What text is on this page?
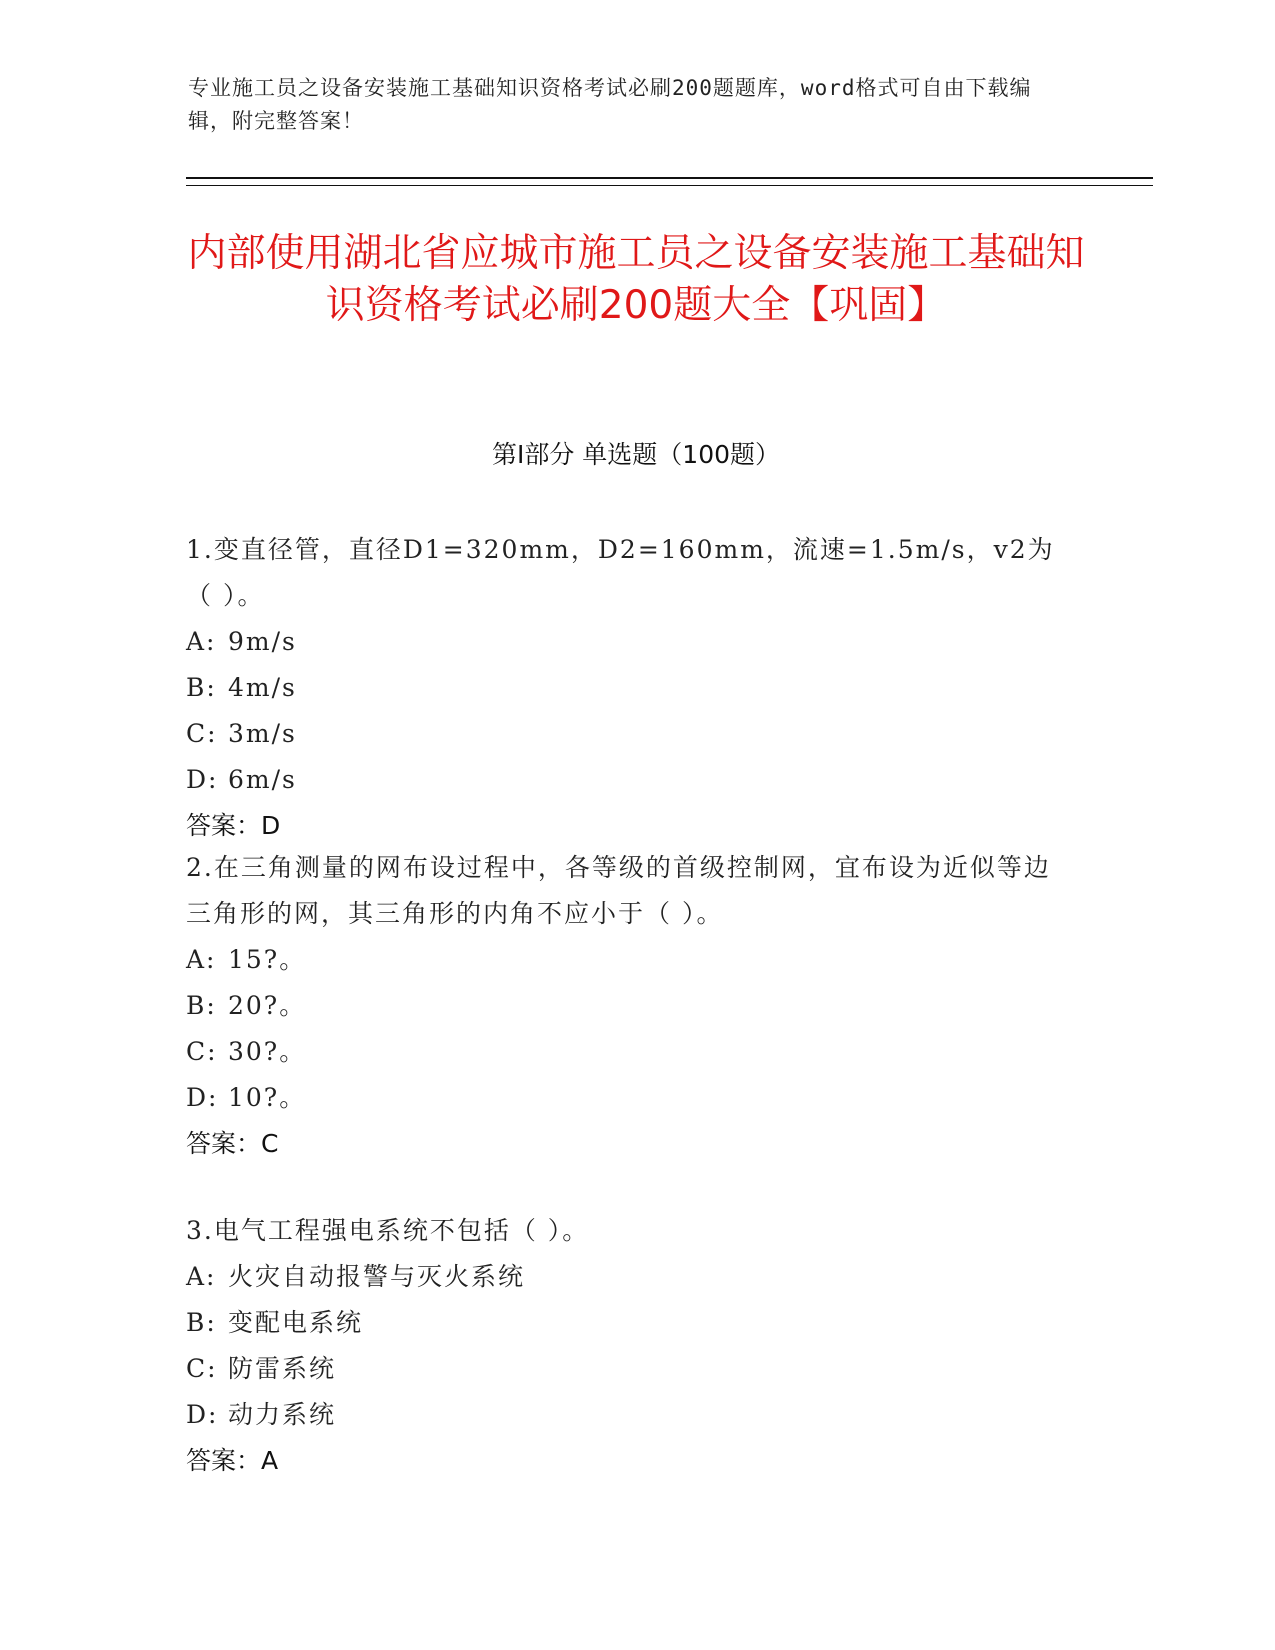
专业施工员之设备安装施工基础知识资格考试必刷200题题库，word格式可自由下载编辑，附完整答案！
内部使用湖北省应城市施工员之设备安装施工基础知识资格考试必刷200题大全【巩固】
第I部分 单选题（100题）

1.变直径管，直径D1=320mm，D2=160mm，流速=1.5m/s，v2为（ ）。

A: 9m/s

B: 4m/s

C: 3m/s

D: 6m/s

答案：D

2.在三角测量的网布设过程中，各等级的首级控制网，宜布设为近似等边三角形的网，其三角形的内角不应小于（ ）。

A: 15?。

B: 20?。

C: 30?。

D: 10?。

答案：C

3.电气工程强电系统不包括（ ）。

A: 火灾自动报警与灭火系统

B: 变配电系统

C: 防雷系统

D: 动力系统

答案：A
